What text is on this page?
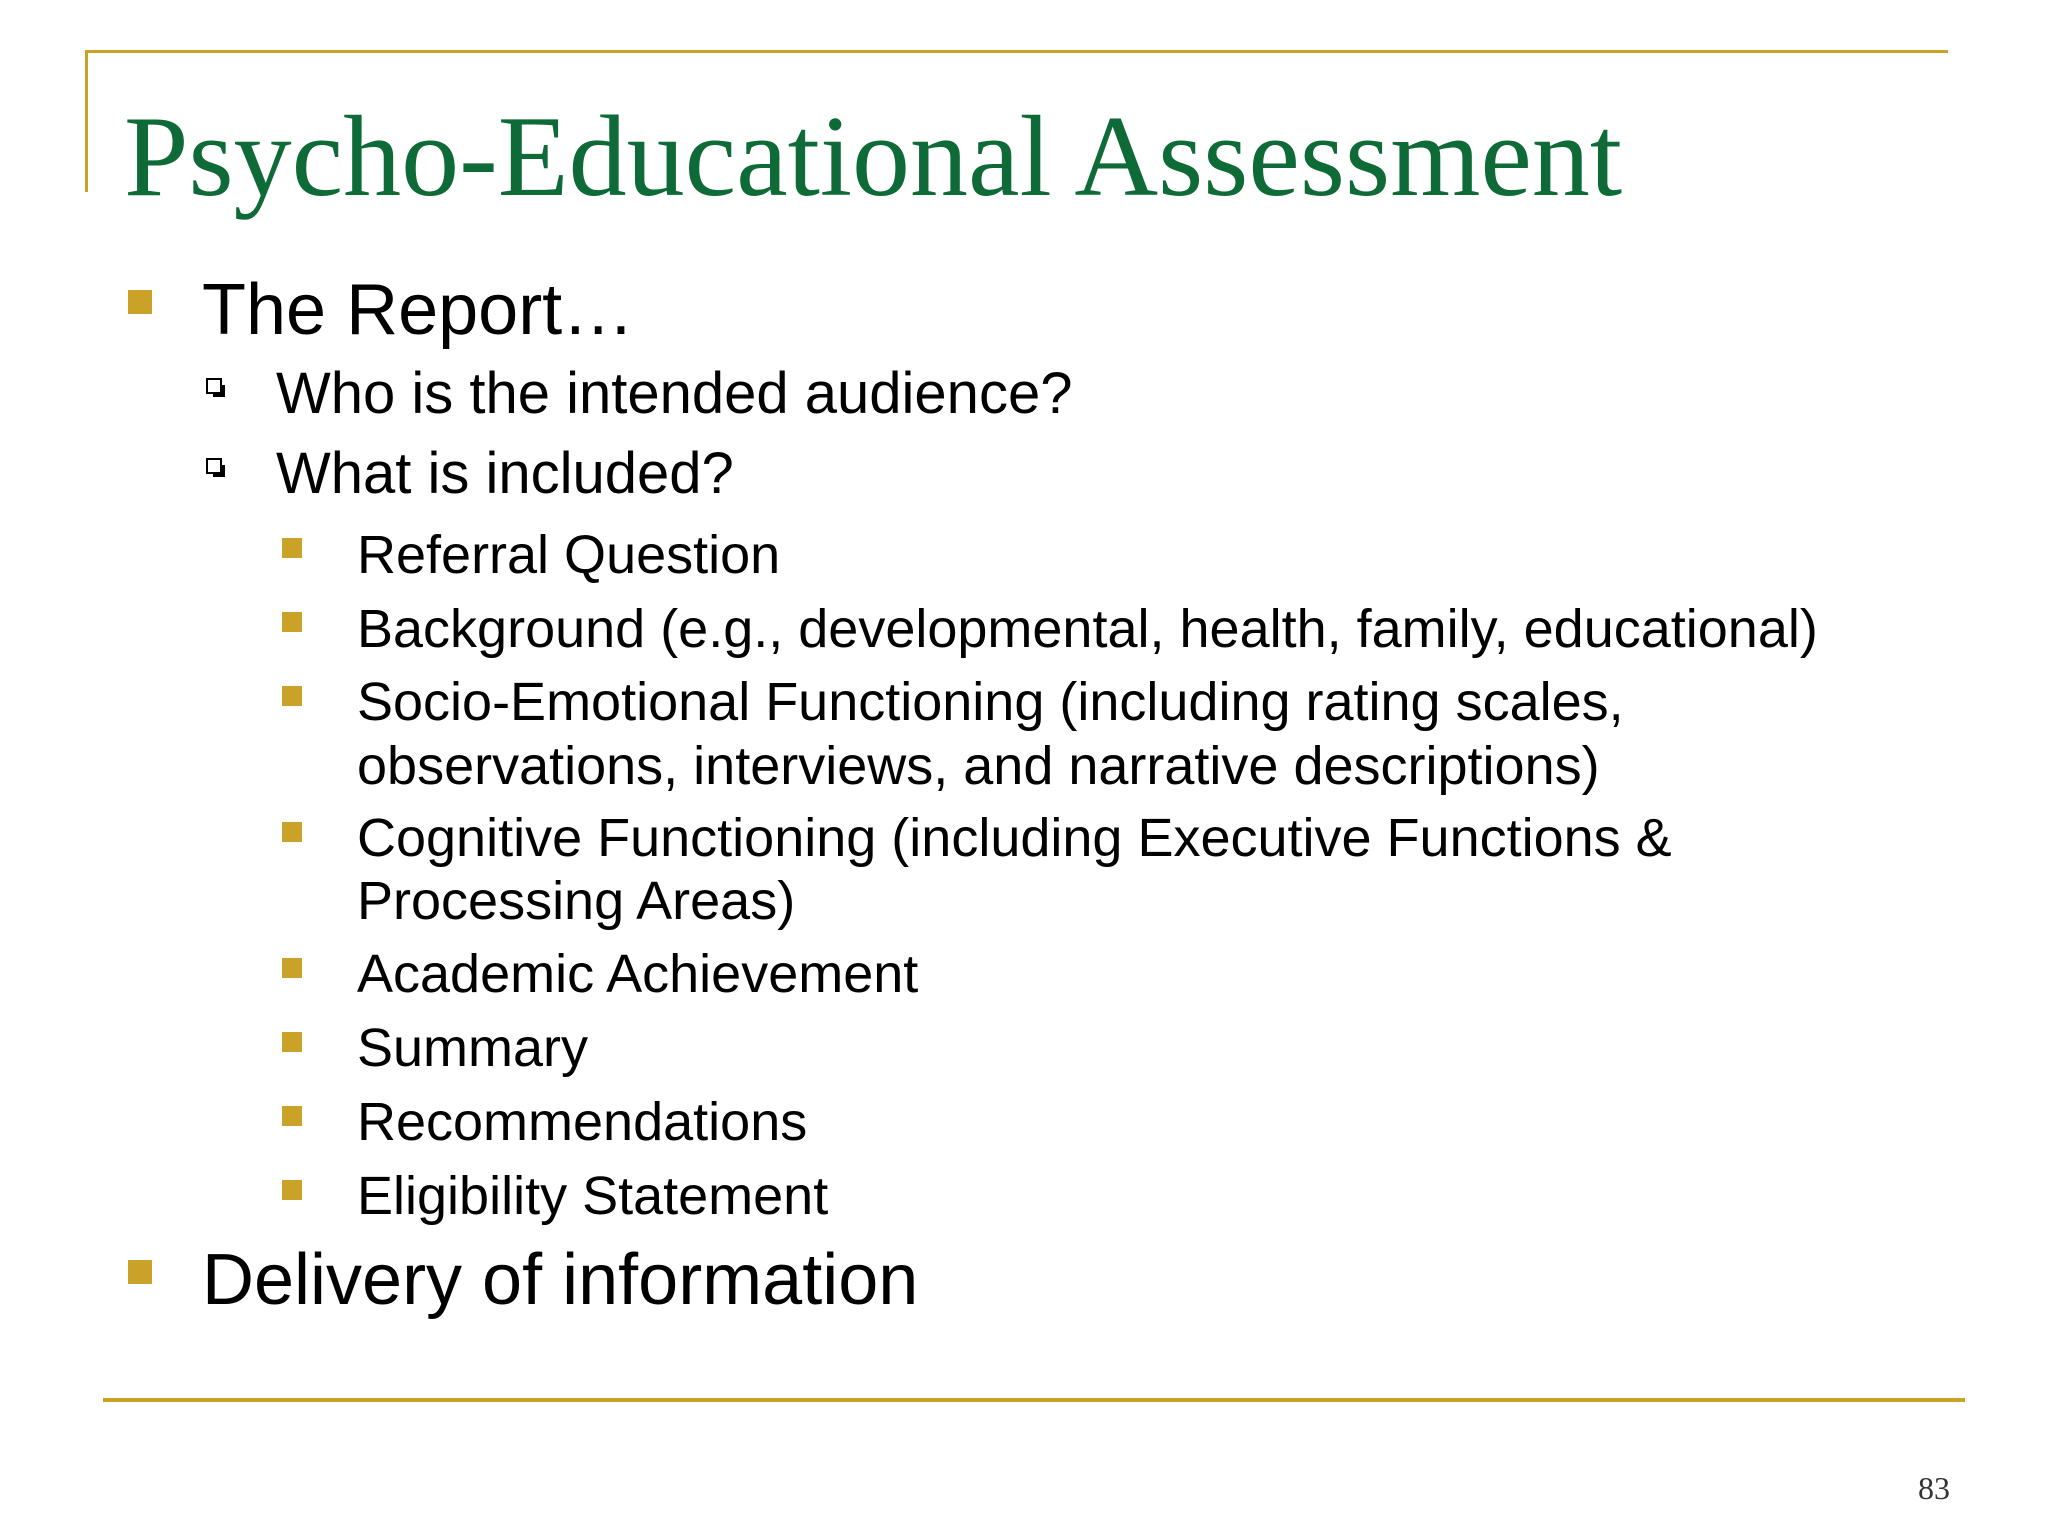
Psycho-Educational Assessment
The Report…
Who is the intended audience?
What is included?
Referral Question
Background (e.g., developmental, health, family, educational)
Socio-Emotional Functioning (including rating scales,
observations, interviews, and narrative descriptions)
Cognitive Functioning (including Executive Functions &
Processing Areas)
Academic Achievement
Summary
Recommendations
Eligibility Statement
Delivery of information
83
